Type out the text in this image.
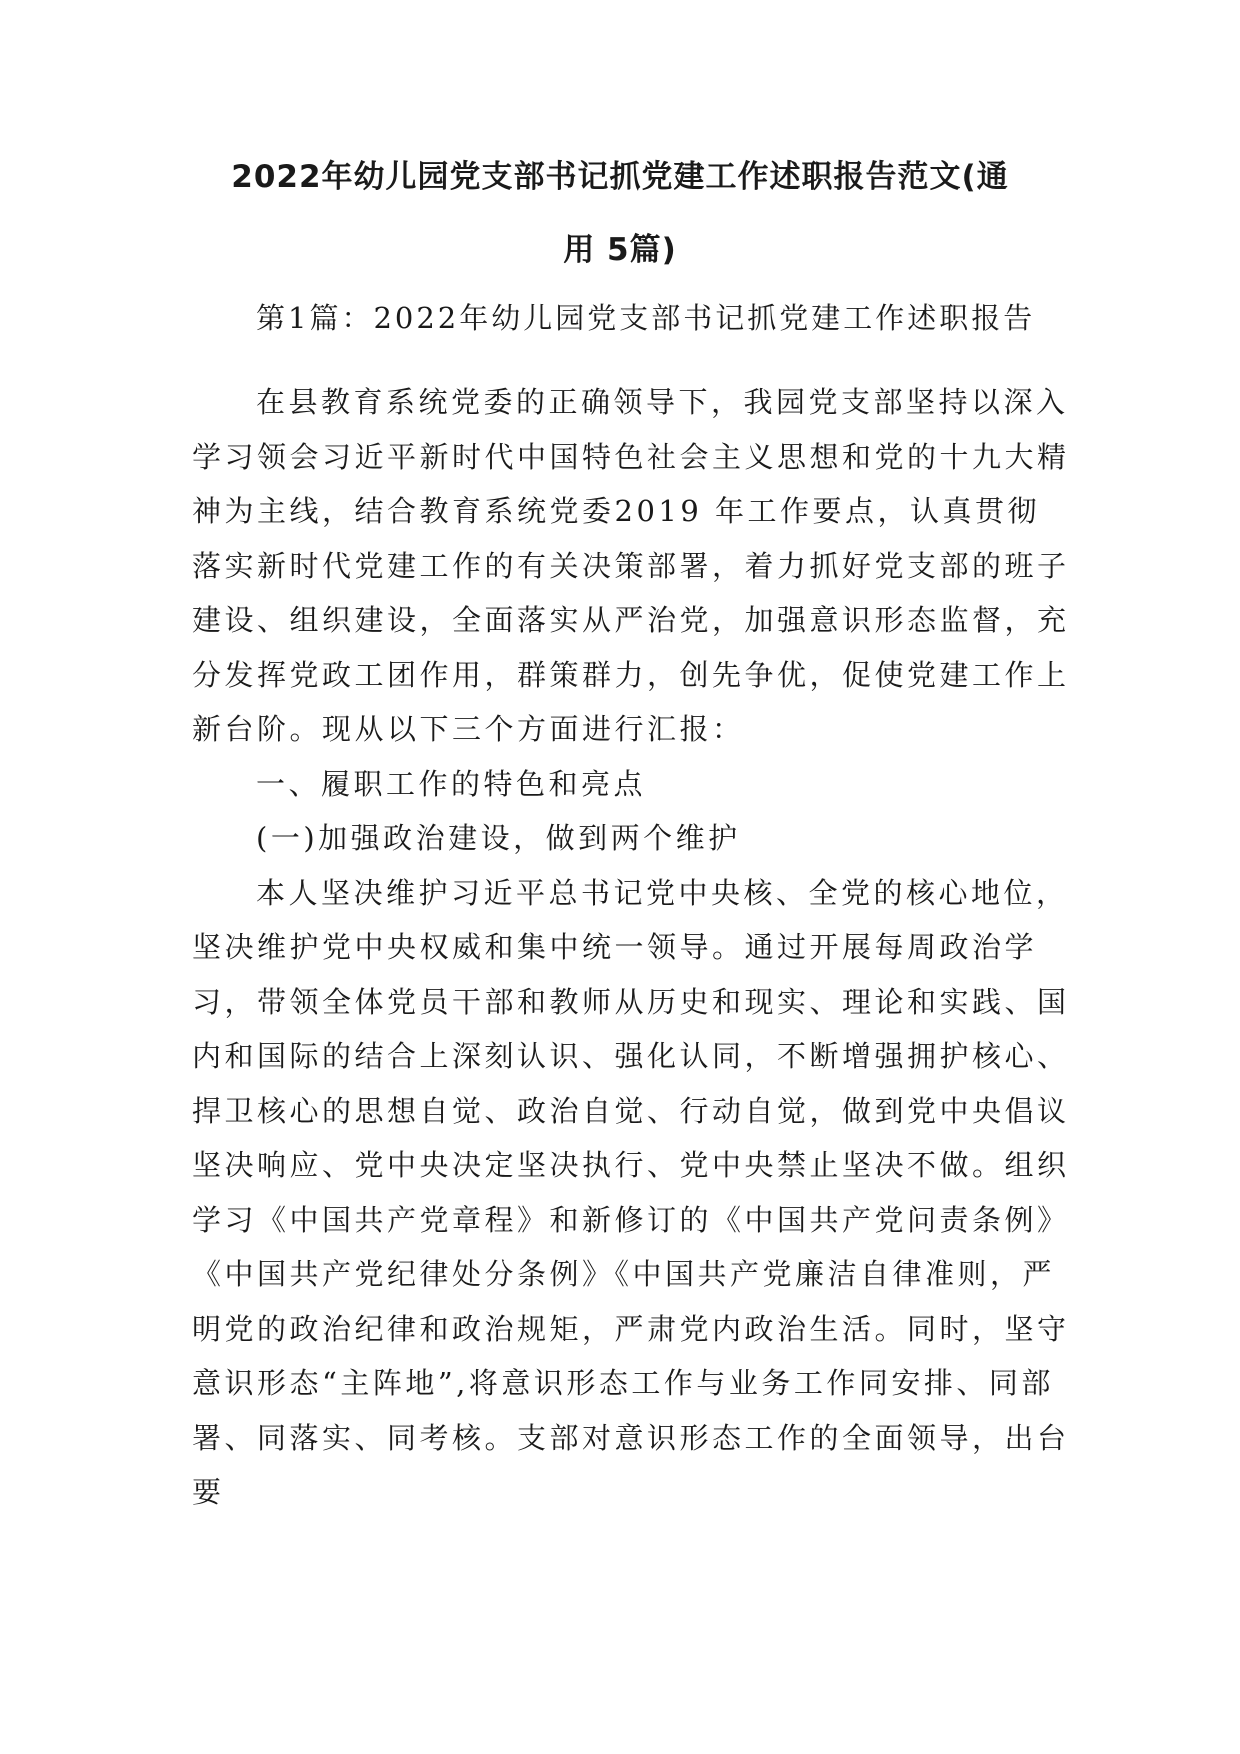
2022年幼儿园党支部书记抓党建工作述职报告范文(通
用 5篇)
第1篇：2022年幼儿园党支部书记抓党建工作述职报告

在县教育系统党委的正确领导下，我园党支部坚持以深入学习领会习近平新时代中国特色社会主义思想和党的十九大精神为主线，结合教育系统党委2019 年工作要点，认真贯彻落实新时代党建工作的有关决策部署，着力抓好党支部的班子建设、组织建设，全面落实从严治党，加强意识形态监督，充分发挥党政工团作用，群策群力，创先争优，促使党建工作上新台阶。现从以下三个方面进行汇报：

一、履职工作的特色和亮点

(一)加强政治建设，做到两个维护

本人坚决维护习近平总书记党中央核、全党的核心地位，坚决维护党中央权威和集中统一领导。通过开展每周政治学习，带领全体党员干部和教师从历史和现实、理论和实践、国内和国际的结合上深刻认识、强化认同，不断增强拥护核心、捍卫核心的思想自觉、政治自觉、行动自觉，做到党中央倡议坚决响应、党中央决定坚决执行、党中央禁止坚决不做。组织学习《中国共产党章程》和新修订的《中国共产党问责条例》 《中国共产党纪律处分条例》《中国共产党廉洁自律准则，严明党的政治纪律和政治规矩，严肃党内政治生活。同时，坚守意识形态“主阵地”,将意识形态工作与业务工作同安排、同部署、同落实、同考核。支部对意识形态工作的全面领导，出台要
